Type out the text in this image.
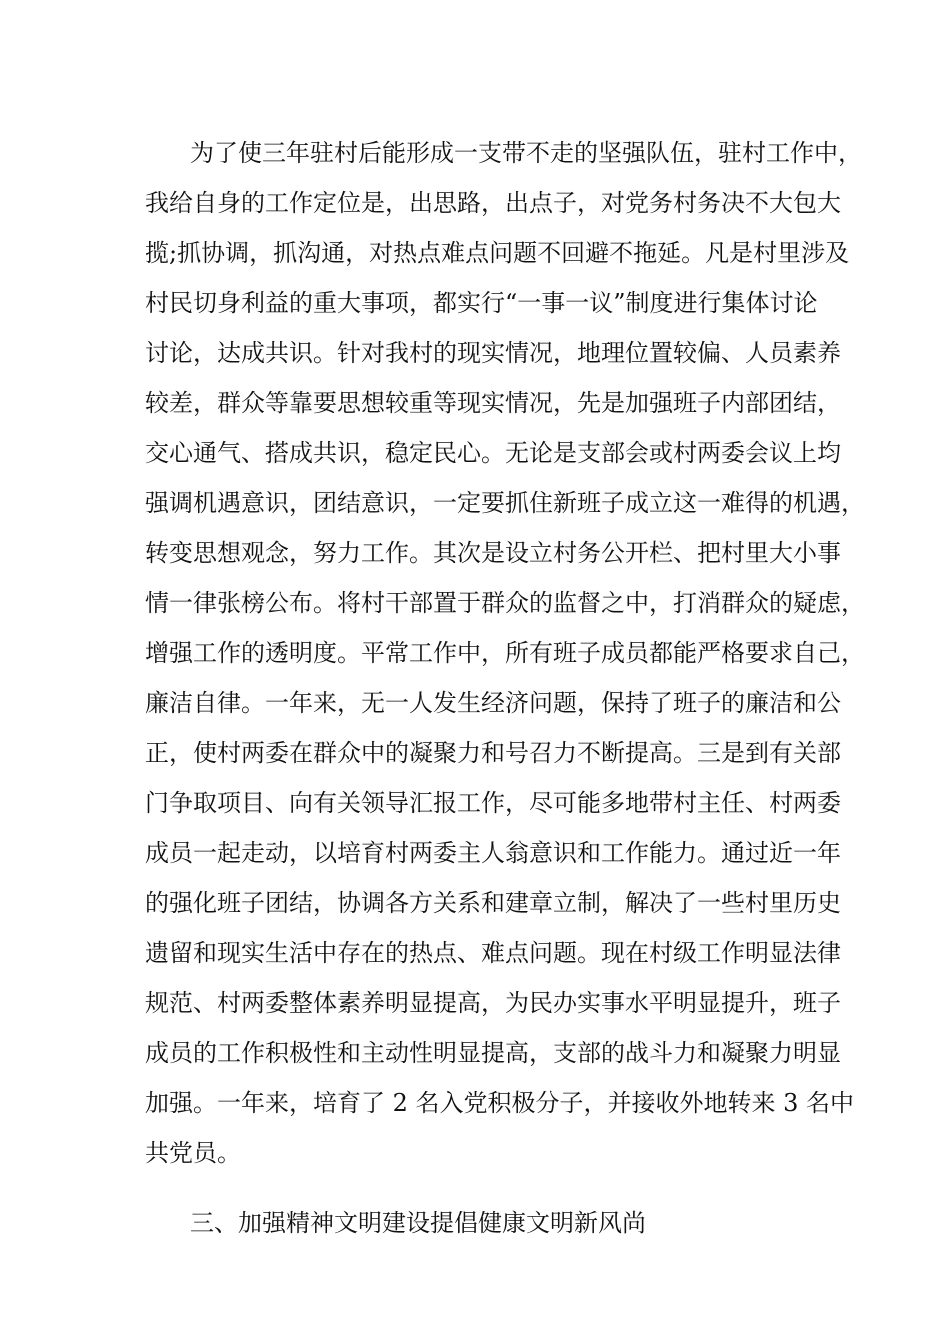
为了使三年驻村后能形成一支带不走的坚强队伍，驻村工作中，
我给自身的工作定位是，出思路，出点子，对党务村务决不大包大
揽;抓协调，抓沟通，对热点难点问题不回避不拖延。凡是村里涉及
村民切身利益的重大事项，都实行“一事一议”制度进行集体讨论
讨论，达成共识。针对我村的现实情况，地理位置较偏、人员素养
较差，群众等靠要思想较重等现实情况，先是加强班子内部团结，
交心通气、搭成共识，稳定民心。无论是支部会或村两委会议上均
强调机遇意识，团结意识，一定要抓住新班子成立这一难得的机遇，
转变思想观念，努力工作。其次是设立村务公开栏、把村里大小事
情一律张榜公布。将村干部置于群众的监督之中，打消群众的疑虑，
增强工作的透明度。平常工作中，所有班子成员都能严格要求自己，
廉洁自律。一年来，无一人发生经济问题，保持了班子的廉洁和公
正，使村两委在群众中的凝聚力和号召力不断提高。三是到有关部
门争取项目、向有关领导汇报工作，尽可能多地带村主任、村两委
成员一起走动，以培育村两委主人翁意识和工作能力。通过近一年
的强化班子团结，协调各方关系和建章立制，解决了一些村里历史
遗留和现实生活中存在的热点、难点问题。现在村级工作明显法律
规范、村两委整体素养明显提高，为民办实事水平明显提升，班子
成员的工作积极性和主动性明显提高，支部的战斗力和凝聚力明显
加强。一年来，培育了 2 名入党积极分子，并接收外地转来 3 名中
共党员。
三、加强精神文明建设提倡健康文明新风尚
